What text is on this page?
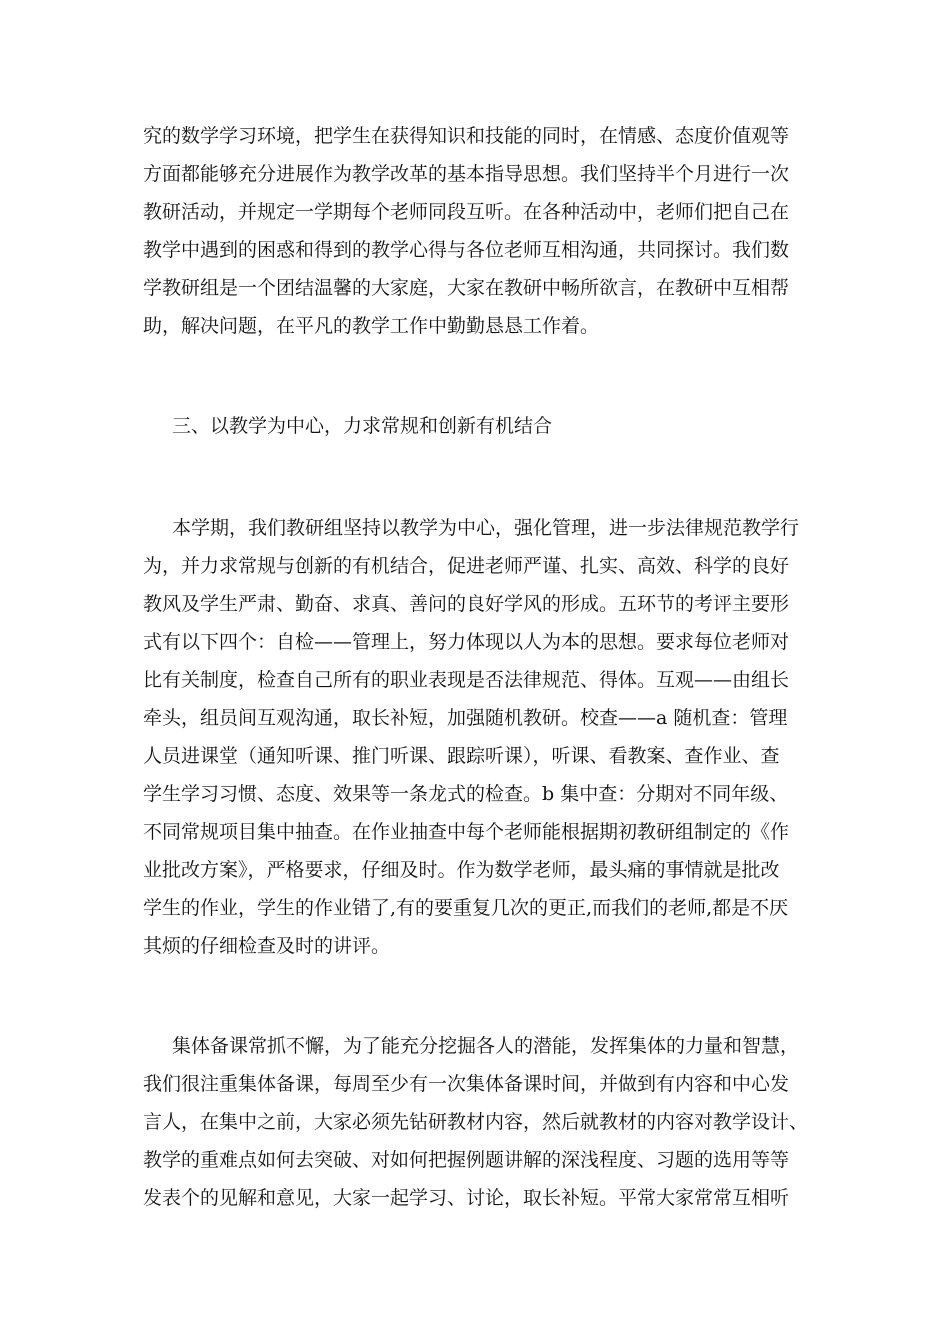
究的数学学习环境，把学生在获得知识和技能的同时，在情感、态度价值观等
方面都能够充分进展作为教学改革的基本指导思想。我们坚持半个月进行一次
教研活动，并规定一学期每个老师同段互听。在各种活动中，老师们把自己在
教学中遇到的困惑和得到的教学心得与各位老师互相沟通，共同探讨。我们数
学教研组是一个团结温馨的大家庭，大家在教研中畅所欲言，在教研中互相帮
助，解决问题，在平凡的教学工作中勤勤恳恳工作着。
三、以教学为中心，力求常规和创新有机结合
本学期，我们教研组坚持以教学为中心，强化管理，进一步法律规范教学行
为，并力求常规与创新的有机结合，促进老师严谨、扎实、高效、科学的良好
教风及学生严肃、勤奋、求真、善问的良好学风的形成。五环节的考评主要形
式有以下四个：自检——管理上，努力体现以人为本的思想。要求每位老师对
比有关制度，检查自己所有的职业表现是否法律规范、得体。互观——由组长
牵头，组员间互观沟通，取长补短，加强随机教研。校查——a 随机查：管理
人员进课堂（通知听课、推门听课、跟踪听课），听课、看教案、查作业、查
学生学习习惯、态度、效果等一条龙式的检查。b 集中查：分期对不同年级、
不同常规项目集中抽查。在作业抽查中每个老师能根据期初教研组制定的《作
业批改方案》，严格要求，仔细及时。作为数学老师，最头痛的事情就是批改
学生的作业，学生的作业错了,有的要重复几次的更正,而我们的老师,都是不厌
其烦的仔细检查及时的讲评。
集体备课常抓不懈，为了能充分挖掘各人的潜能，发挥集体的力量和智慧，
我们很注重集体备课，每周至少有一次集体备课时间，并做到有内容和中心发
言人，在集中之前，大家必须先钻研教材内容，然后就教材的内容对教学设计、
教学的重难点如何去突破、对如何把握例题讲解的深浅程度、习题的选用等等
发表个的见解和意见，大家一起学习、讨论，取长补短。平常大家常常互相听
